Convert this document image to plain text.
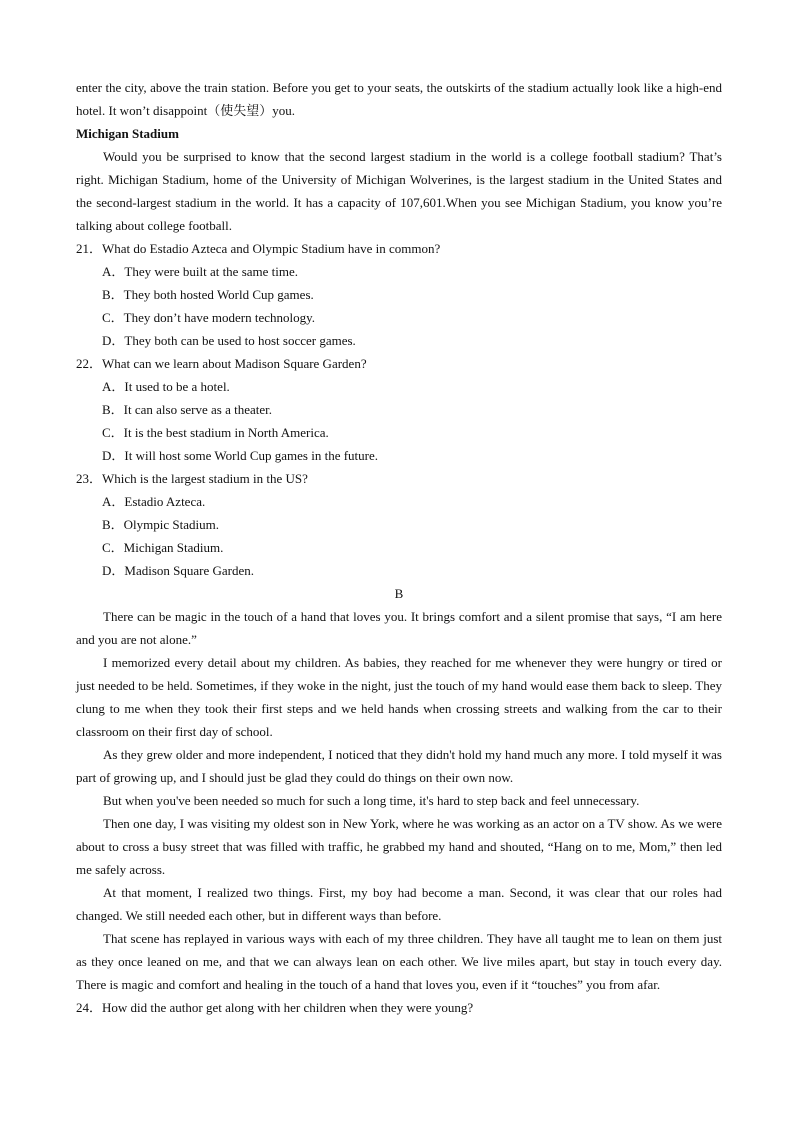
enter the city, above the train station. Before you get to your seats, the outskirts of the stadium actually look like a high-end hotel. It won’t disappoint（使失望）you.

Michigan Stadium

Would you be surprised to know that the second largest stadium in the world is a college football stadium? That’s right. Michigan Stadium, home of the University of Michigan Wolverines, is the largest stadium in the United States and the second-largest stadium in the world. It has a capacity of 107,601.When you see Michigan Stadium, you know you’re talking about college football.

21．What do Estadio Azteca and Olympic Stadium have in common?

A．They were built at the same time.

B．They both hosted World Cup games.

C．They don’t have modern technology.

D．They both can be used to host soccer games.

22．What can we learn about Madison Square Garden?

A．It used to be a hotel.

B．It can also serve as a theater.

C．It is the best stadium in North America.

D．It will host some World Cup games in the future.

23．Which is the largest stadium in the US?

A．Estadio Azteca.

B．Olympic Stadium.

C．Michigan Stadium.

D．Madison Square Garden.

B

There can be magic in the touch of a hand that loves you. It brings comfort and a silent promise that says, “I am here and you are not alone.”

I memorized every detail about my children. As babies, they reached for me whenever they were hungry or tired or just needed to be held. Sometimes, if they woke in the night, just the touch of my hand would ease them back to sleep. They clung to me when they took their first steps and we held hands when crossing streets and walking from the car to their classroom on their first day of school.

As they grew older and more independent, I noticed that they didn't hold my hand much any more. I told myself it was part of growing up, and I should just be glad they could do things on their own now.

But when you've been needed so much for such a long time, it's hard to step back and feel unnecessary.

Then one day, I was visiting my oldest son in New York, where he was working as an actor on a TV show. As we were about to cross a busy street that was filled with traffic, he grabbed my hand and shouted, “Hang on to me, Mom,” then led me safely across.

At that moment, I realized two things. First, my boy had become a man. Second, it was clear that our roles had changed. We still needed each other, but in different ways than before.

That scene has replayed in various ways with each of my three children. They have all taught me to lean on them just as they once leaned on me, and that we can always lean on each other. We live miles apart, but stay in touch every day. There is magic and comfort and healing in the touch of a hand that loves you, even if it “touches” you from afar.

24．How did the author get along with her children when they were young?
